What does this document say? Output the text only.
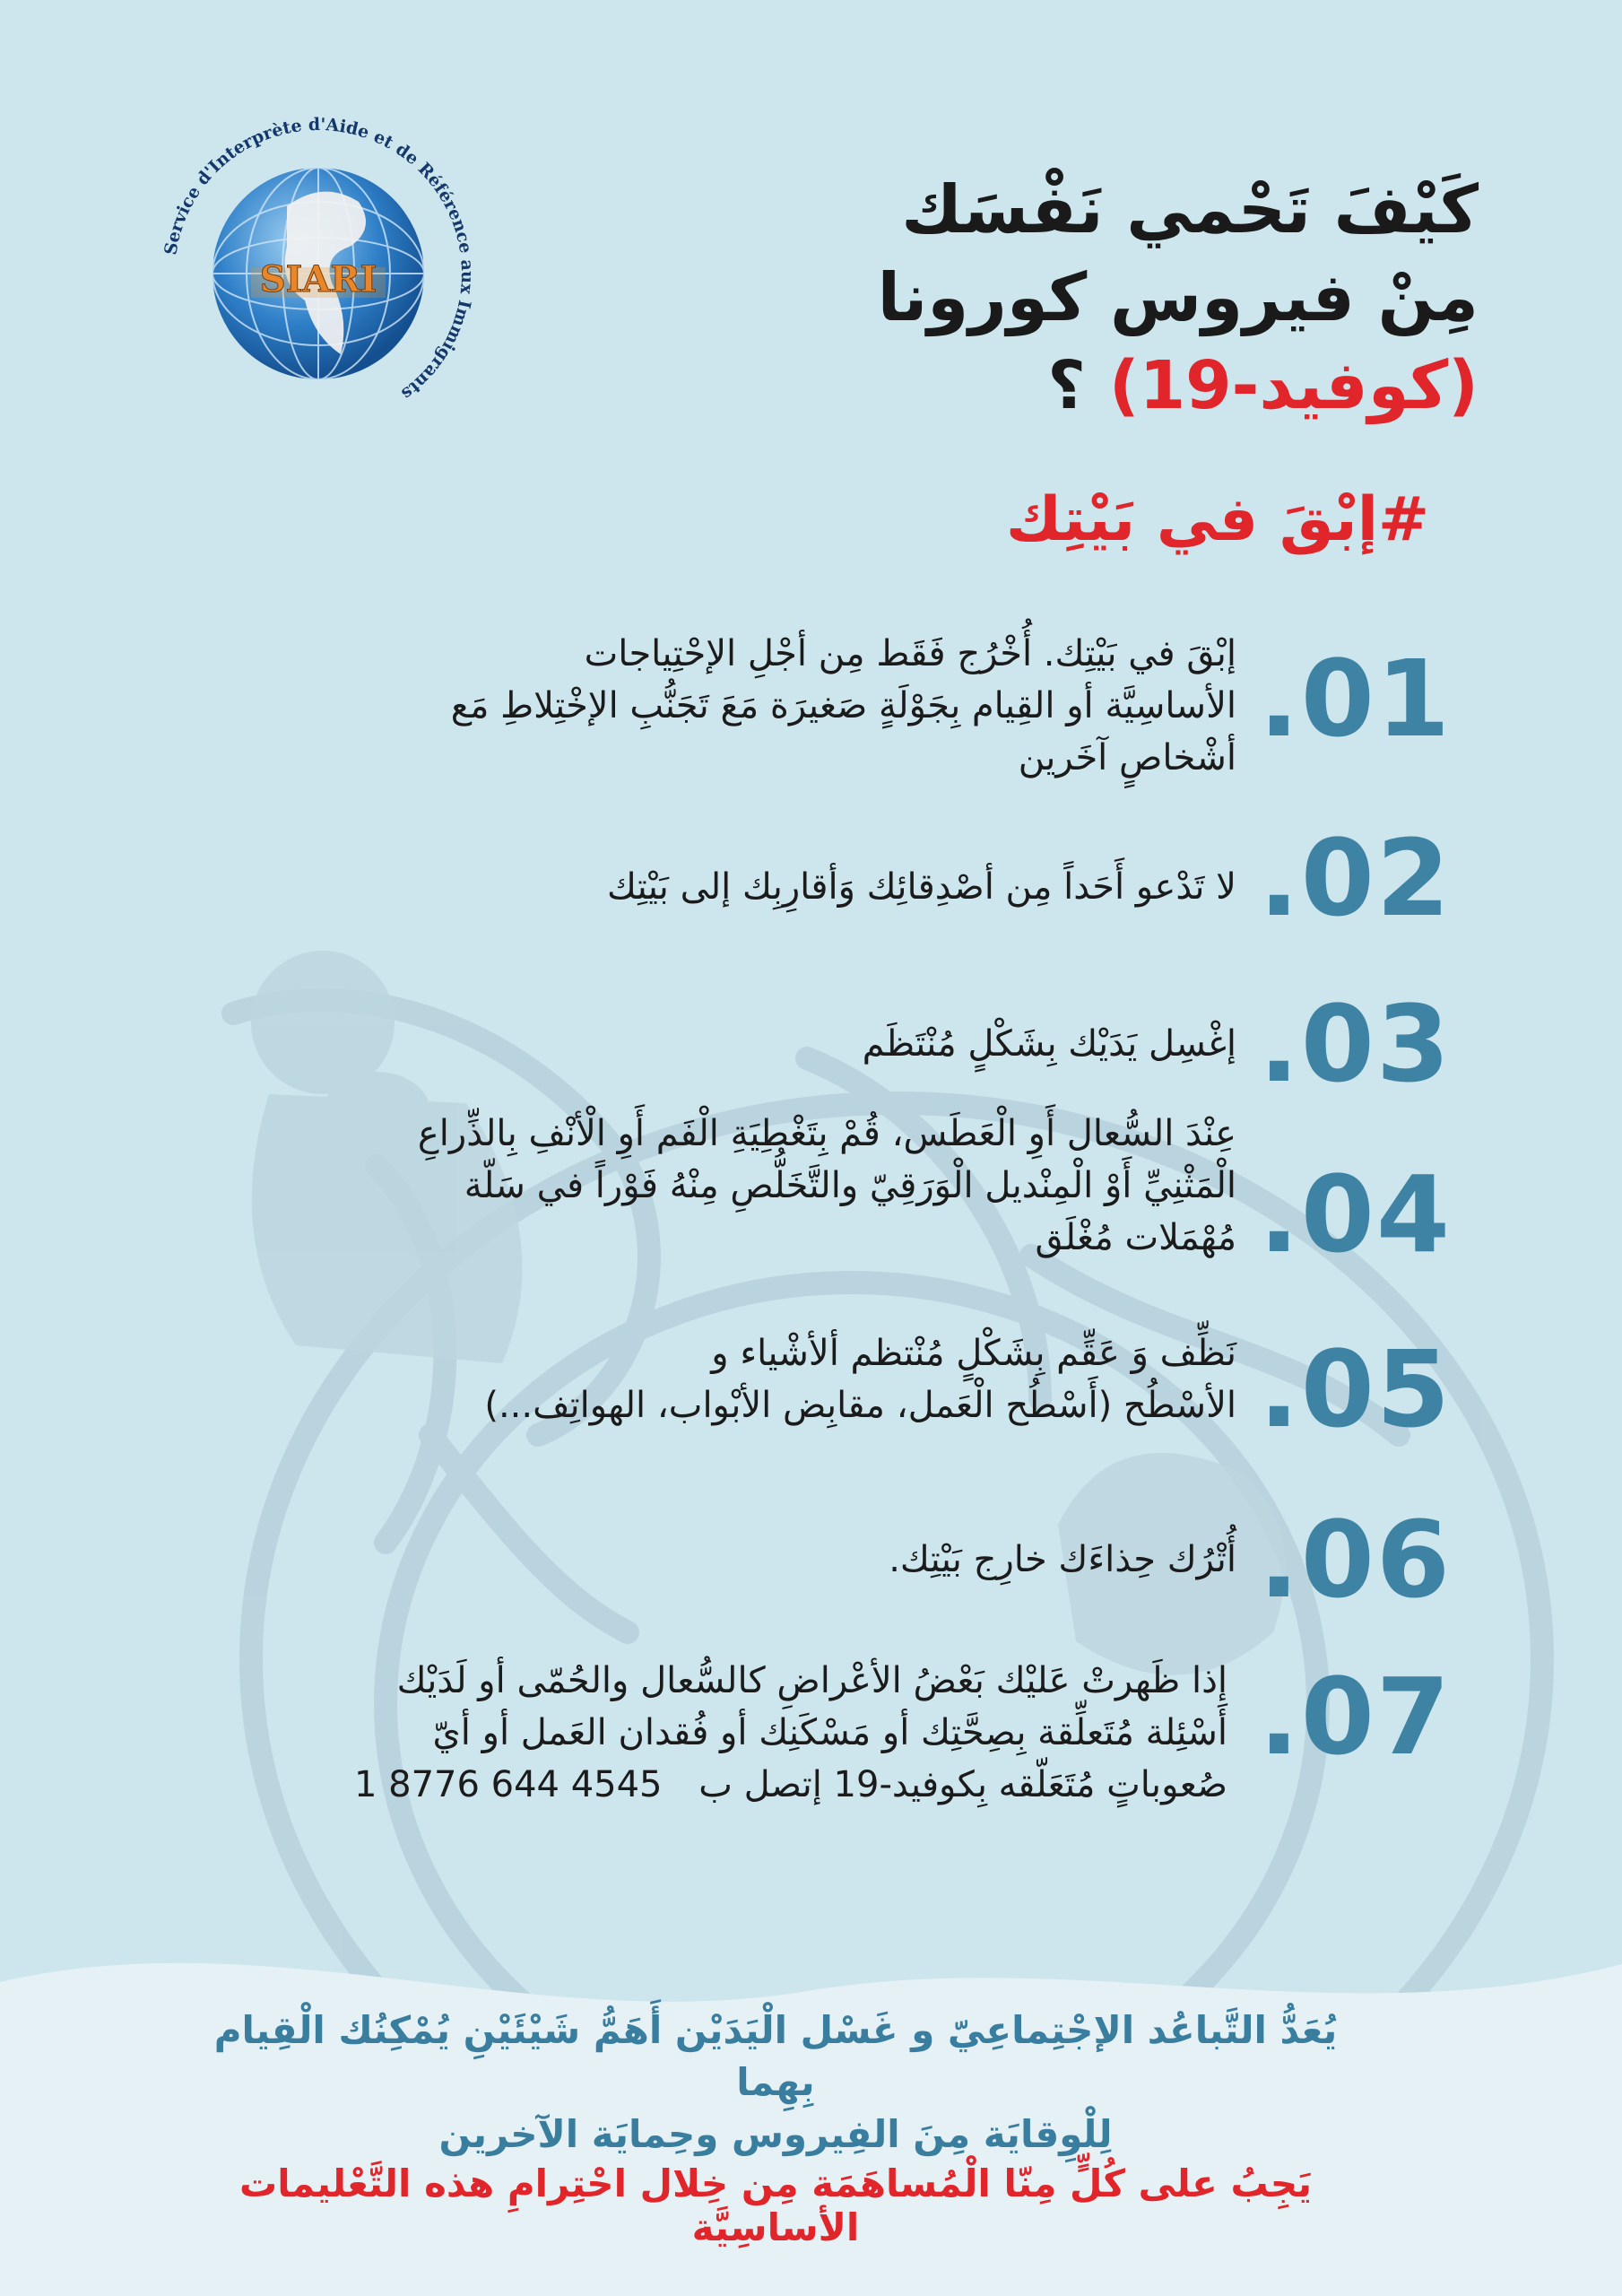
SIARI
Service d'Interprète d'Aide et de Référence aux Immigrants
كَيْفَ تَحْمي نَفْسَك
مِنْ فيروس كورونا
(كوفيد-19) ؟
#إبْقَ في بَيْتِك
.01
إبْقَ في بَيْتِك. أُخْرُج فَقَط مِن أجْلِ الإحْتِياجات
الأساسِيَّة أو القِيام بِجَوْلَةٍ صَغيرَة مَعَ تَجَنُّبِ الإخْتِلاطِ مَع
أشْخاصٍ آخَرين
.02
لا تَدْعو أَحَداً مِن أصْدِقائِك وَأقارِبِك إلى بَيْتِك
.03
إغْسِل يَدَيْك بِشَكْلٍ مُنْتَظَم
.04
عِنْدَ السُّعال أَوِ الْعَطَس، قُمْ بِتَغْطِيَةِ الْفَم أَوِ الْأنْفِ بِالذِّراعِ
الْمَثْنِيِّ أَوْ الْمِنْديل الْوَرَقِيّ والتَّخَلُّصِ مِنْهُ فَوْراً في سَلّة
مُهْمَلات مُغْلَق
.05
نَظِّف وَ عَقِّم بِشَكْلٍ مُنْتظم ألأشْياء و
الأسْطُح (أَسْطُح الْعَمل، مقابِض الأبْواب، الهواتِف...)
.06
أُتْرُك حِذاءَك خارِج بَيْتِك.
.07
إذا ظَهرتْ عَليْك بَعْضُ الأعْراضِ كالسُّعال والحُمّى أو لَدَيْك
أَسْئِلة مُتَعلِّقة بِصِحَّتِك أو مَسْكَنِك أو فُقدان العَمل أو أيّ
صُعوباتٍ مُتَعَلّقه بِكوفيد-19 إتصل ب 1 8776 644 4545
يُعَدُّ التَّباعُد الإجْتِماعِيّ و غَسْل الْيَدَيْن أَهَمُّ شَيْئَيْنِ يُمْكِنُك الْقِيام بِهِما
لِلْوِقايَة مِنَ الفِيروس وحِمايَة الآخرين
يَجِبُ على كُلٍّ مِنّا الْمُساهَمَة مِن خِلال احْتِرامِ هذه التَّعْليمات الأساسِيَّة
